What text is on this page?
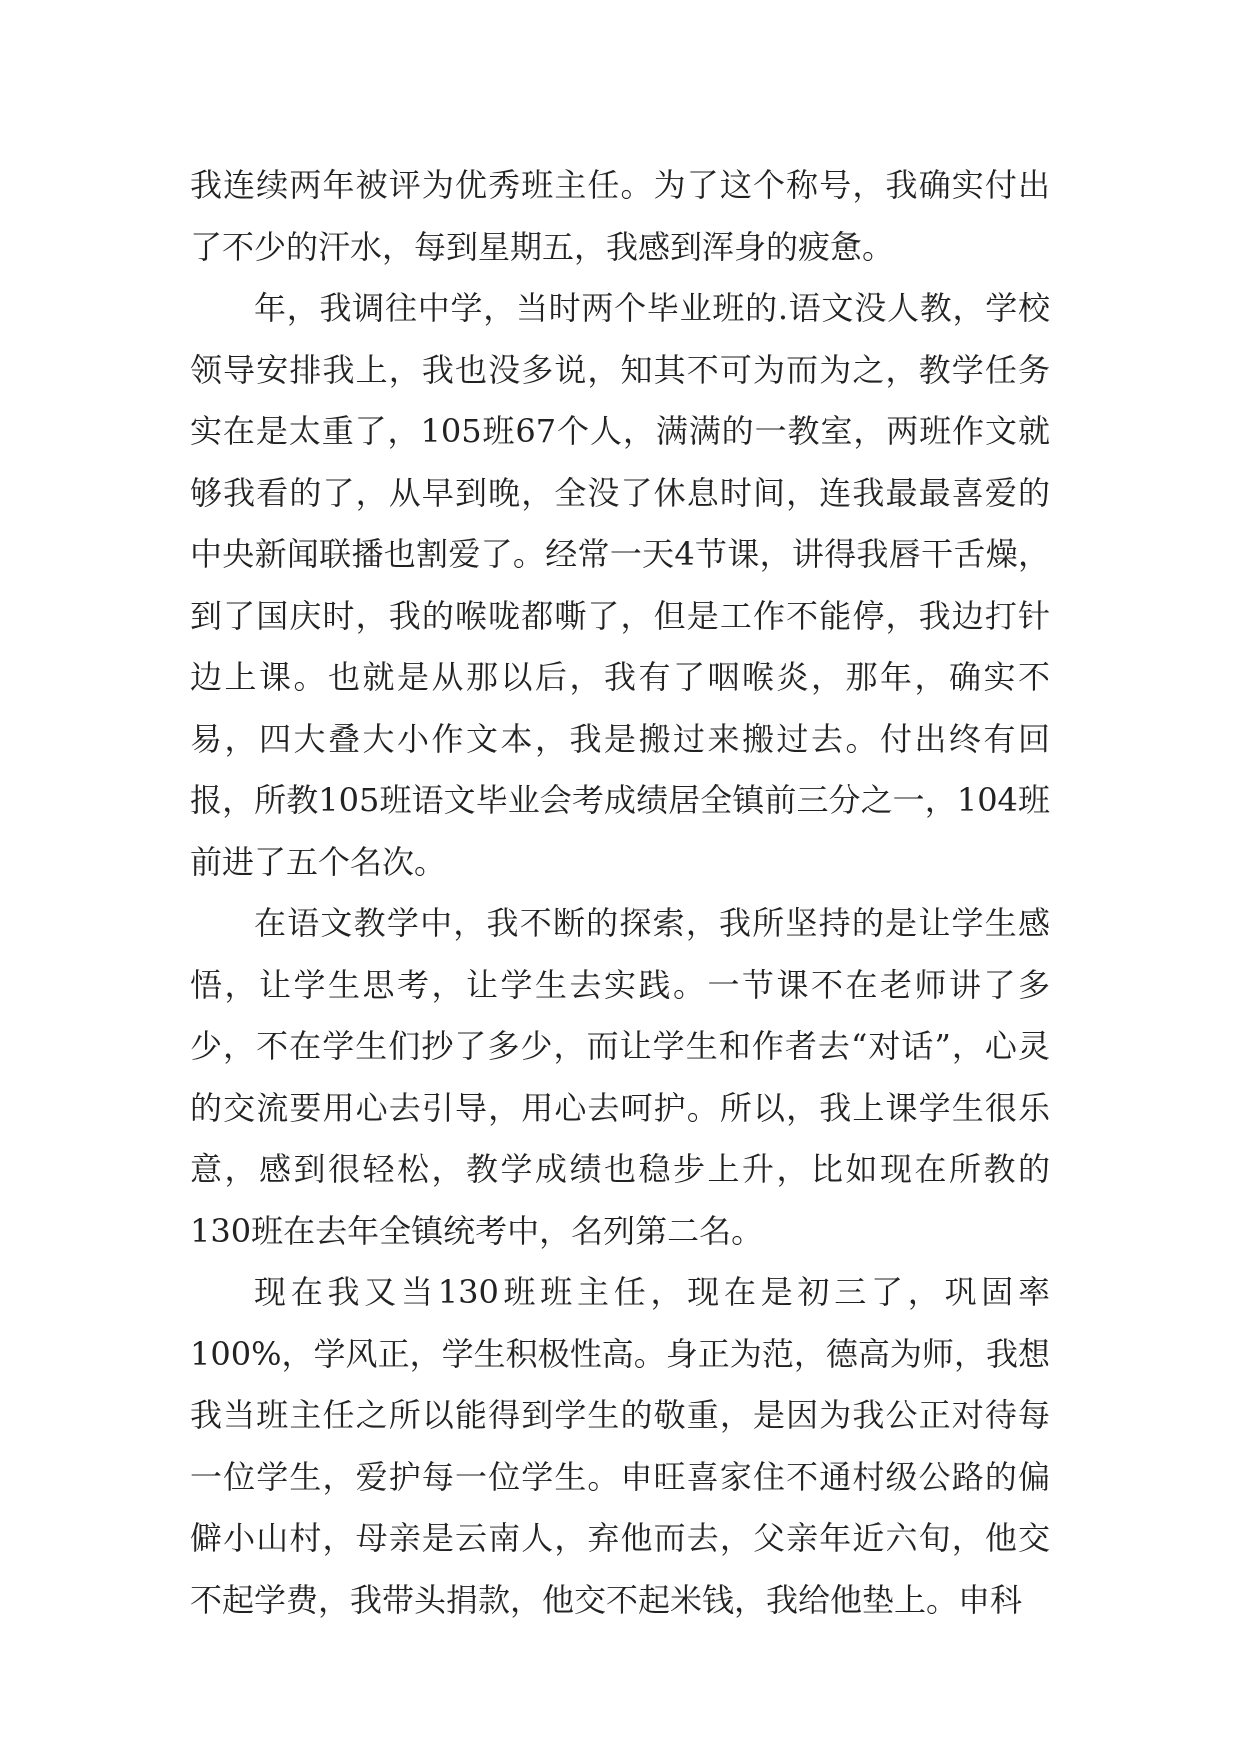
我连续两年被评为优秀班主任。为了这个称号，我确实付出了不少的汗水，每到星期五，我感到浑身的疲惫。

年，我调往中学，当时两个毕业班的.语文没人教，学校领导安排我上，我也没多说，知其不可为而为之，教学任务实在是太重了，105班67个人，满满的一教室，两班作文就够我看的了，从早到晚，全没了休息时间，连我最最喜爱的中央新闻联播也割爱了。经常一天4节课，讲得我唇干舌燥，到了国庆时，我的喉咙都嘶了，但是工作不能停，我边打针边上课。也就是从那以后，我有了咽喉炎，那年，确实不易，四大叠大小作文本，我是搬过来搬过去。付出终有回报，所教105班语文毕业会考成绩居全镇前三分之一，104班前进了五个名次。

在语文教学中，我不断的探索，我所坚持的是让学生感悟，让学生思考，让学生去实践。一节课不在老师讲了多少，不在学生们抄了多少，而让学生和作者去“对话”，心灵的交流要用心去引导，用心去呵护。所以，我上课学生很乐意，感到很轻松，教学成绩也稳步上升，比如现在所教的130班在去年全镇统考中，名列第二名。

现在我又当130班班主任，现在是初三了，巩固率100%，学风正，学生积极性高。身正为范，德高为师，我想我当班主任之所以能得到学生的敬重，是因为我公正对待每一位学生，爱护每一位学生。申旺喜家住不通村级公路的偏僻小山村，母亲是云南人，弃他而去，父亲年近六旬，他交不起学费，我带头捐款，他交不起米钱，我给他垫上。申科
